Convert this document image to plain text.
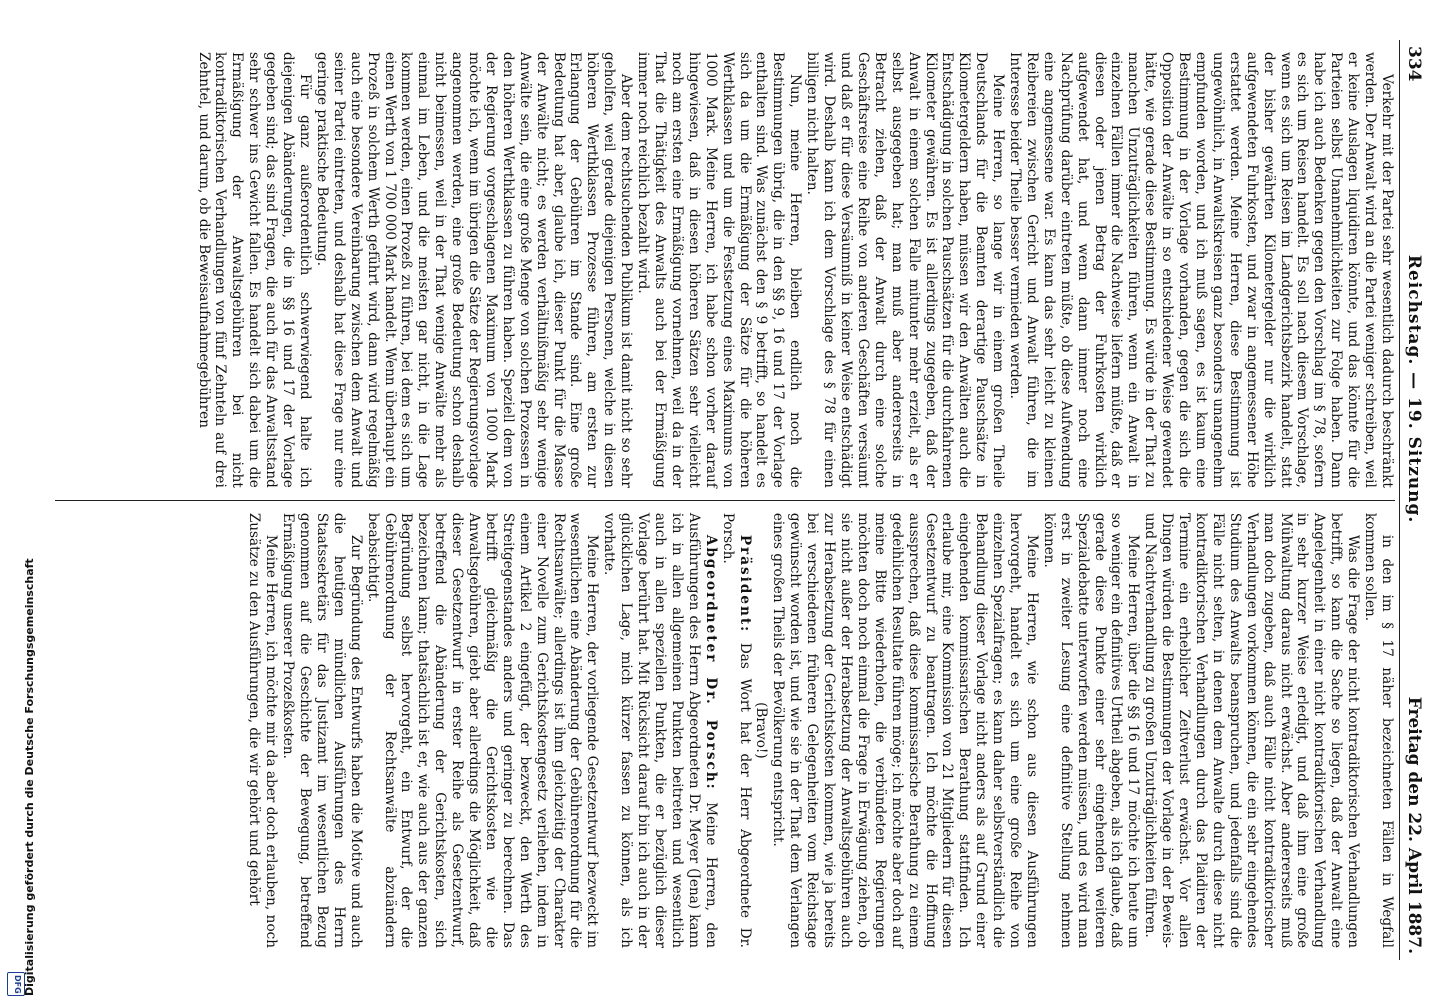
334
Reichstag. — 19. Sitzung.
Freitag den 22. April 1887.

Verkehr mit der Partei sehr wesentlich dadurch beschränkt werden. Der Anwalt wird an die Partei weniger schreiben, weil er keine Auslagen liquidiren könnte, und das könnte für die Parteien selbst Unannehmlichkeiten zur Folge haben. Dann habe ich auch Bedenken gegen den Vorschlag im § 78, sofern es sich um Reisen handelt. Es soll nach diesem Vorschlage, wenn es sich um Reisen im Landgerichtsbezirk handelt, statt der bisher gewährten Kilometergelder nur die wirklich aufgewendeten Fuhrkosten, und zwar in angemessener Höhe erstattet werden. Meine Herren, diese Bestimmung ist ungewöhnlich, in Anwaltskreisen ganz besonders unangenehm empfunden worden, und ich muß sagen, es ist kaum eine Bestimmung in der Vorlage vorhanden, gegen die sich die Opposition der Anwälte in so entschiedener Weise gewendet hätte, wie gerade diese Bestimmung. Es würde in der That zu manchen Unzuträglichkeiten führen, wenn ein Anwalt in einzelnen Fällen immer die Nachweise liefern müßte, daß er diesen oder jenen Betrag der Fuhrkosten wirklich aufgewendet hat, und wenn dann immer noch eine Nachprüfung darüber eintreten müßte, ob diese Aufwendung eine angemessene war. Es kann das sehr leicht zu kleinen Reibereien zwischen Gericht und Anwalt führen, die im Interesse beider Theile besser vermieden werden.

Meine Herren, so lange wir in einem großen Theile Deutschlands für die Beamten derartige Pauschsätze in Kilometergeldern haben, müssen wir den Anwälten auch die Entschädigung in solchen Pauschsätzen für die durchfahrenen Kilometer gewähren. Es ist allerdings zugegeben, daß der Anwalt in einem solchen Falle mitunter mehr erzielt, als er selbst ausgegeben hat; man muß aber andererseits in Betracht ziehen, daß der Anwalt durch eine solche Geschäftsreise eine Reihe von anderen Geschäften versäumt und daß er für diese Versäumniß in keiner Weise entschädigt wird. Deshalb kann ich dem Vorschlage des § 78 für einen billigen nicht halten.

Nun, meine Herren, bleiben endlich noch die Bestimmungen übrig, die in den §§ 9, 16 und 17 der Vorlage enthalten sind. Was zunächst den § 9 betrifft, so handelt es sich da um die Ermäßigung der Sätze für die höheren Werthklassen und um die Festsetzung eines Maximums von 1000 Mark. Meine Herren, ich habe schon vorher darauf hingewiesen, daß in diesen höheren Sätzen sehr vielleicht noch am ersten eine Ermäßigung vornehmen, weil da in der That die Thätigkeit des Anwalts auch bei der Ermäßigung immer noch reichlich bezahlt wird.

Aber dem rechtsuchenden Publikum ist damit nicht so sehr geholfen, weil gerade diejenigen Personen, welche in diesen höheren Werthklassen Prozesse führen, am ersten zur Erlangung der Gebühren im Stande sind. Eine große Bedeutung hat aber, glaube ich, dieser Punkt für die Masse der Anwälte nicht; es werden verhältnißmäßig sehr wenige Anwälte sein, die eine große Menge von solchen Prozessen in den höheren Werthklassen zu führen haben. Speziell dem von der Regierung vorgeschlagenen Maximum von 1000 Mark möchte ich, wenn im übrigen die Sätze der Regierungsvorlage angenommen werden, eine große Bedeutung schon deshalb nicht beimessen, weil in der That wenige Anwälte mehr als einmal im Leben, und die meisten gar nicht, in die Lage kommen werden, einen Prozeß zu führen, bei dem es sich um einen Werth von 1 700 000 Mark handelt. Wenn überhaupt ein Prozeß in solchem Werth geführt wird, dann wird regelmäßig auch eine besondere Vereinbarung zwischen dem Anwalt und seiner Partei eintreten, und deshalb hat diese Frage nur eine geringe praktische Bedeutung.

Für ganz außerordentlich schwerwiegend halte ich diejenigen Abänderungen, die in §§ 16 und 17 der Vorlage gegeben sind; das sind Fragen, die auch für das Anwaltsstand sehr schwer ins Gewicht fallen. Es handelt sich dabei um die Ermäßigung der Anwaltsgebühren bei nicht kontradiktorischen Verhandlungen von fünf Zehnteln auf drei Zehntel, und darum, ob die Beweisaufnahmegebühren

in den im § 17 näher bezeichneten Fällen in Wegfall kommen sollen.

Was die Frage der nicht kontradiktorischen Verhandlungen betrifft, so kann die Sache so liegen, daß der Anwalt eine Angelegenheit in einer nicht kontradiktorischen Verhandlung in sehr kurzer Weise erledigt, und daß ihm eine große Mühwaltung daraus nicht erwächst. Aber andererseits muß man doch zugeben, daß auch Fälle nicht kontradiktorischer Verhandlungen vorkommen können, die ein sehr eingehendes Studium des Anwalts beanspruchen, und jedenfalls sind die Fälle nicht selten, in denen dem Anwalte durch diese nicht kontradiktorischen Verhandlungen durch das Plaidiren der Termine ein erheblicher Zeitverlust erwächst. Vor allen Dingen würden die Bestimmungen der Vorlage in der Beweis- und Nachtverhandlung zu großen Unzuträglichkeiten führen.

Meine Herren, über die §§ 16 und 17 möchte ich heute um so weniger ein definitives Urtheil abgeben, als ich glaube, daß gerade diese Punkte einer sehr eingehenden weiteren Spezialdebatte unterworfen werden müssen, und es wird man erst in zweiter Lesung eine definitive Stellung nehmen können.

Meine Herren, wie schon aus diesen Ausführungen hervorgeht, handelt es sich um eine große Reihe von einzelnen Spezialfragen; es kann daher selbstverständlich die Behandlung dieser Vorlage nicht anders als auf Grund einer eingehenden kommissarischen Berathung stattfinden. Ich erlaube mir, eine Kommission von 21 Mitgliedern für diesen Gesetzentwurf zu beantragen. Ich möchte die Hoffnung aussprechen, daß diese kommissarische Berathung zu einem gedeihlichen Resultate führen möge; ich möchte aber doch auf meine Bitte wiederholen, die verbündeten Regierungen möchten doch noch einmal die Frage in Erwägung ziehen, ob sie nicht außer der Herabsetzung der Anwaltsgebühren auch zur Herabsetzung der Gerichtskosten kommen, wie ja bereits bei verschiedenen früheren Gelegenheiten vom Reichstage gewünscht worden ist, und wie sie in der That dem Verlangen eines großen Theils der Bevölkerung entspricht.

(Bravo!)

Präsident: Das Wort hat der Herr Abgeordnete Dr. Porsch.

Abgeordneter Dr. Porsch: Meine Herren, den Ausführungen des Herrn Abgeordneten Dr. Meyer (Jena) kann ich in allen allgemeinen Punkten beitreten und wesentlich auch in allen speziellen Punkten, die er bezüglich dieser Vorlage berührt hat. Mit Rücksicht darauf bin ich auch in der glücklichen Lage, mich kürzer fassen zu können, als ich vorhatte.

Meine Herren, der vorliegende Gesetzentwurf bezweckt im wesentlichen eine Abänderung der Gebührenordnung für die Rechtsanwälte; allerdings ist ihm gleichzeitig der Charakter einer Novelle zum Gerichtskostengesetz verliehen, indem in einem Artikel 2 eingefügt, der bezweckt, den Werth des Streitgegenstandes anders und geringer zu berechnen. Das betrifft gleichmäßig die Gerichtskosten wie die Anwaltsgebühren, giebt aber allerdings die Möglichkeit, daß dieser Gesetzentwurf in erster Reihe als Gesetzentwurf, betreffend die Abänderung der Gerichtskosten, sich bezeichnen kann; thatsächlich ist er, wie auch aus der ganzen Begründung selbst hervorgeht, ein Entwurf, der die Gebührenordnung der Rechtsanwälte abzuändern beabsichtigt.

Zur Begründung des Entwurfs haben die Motive und auch die heutigen mündlichen Ausführungen des Herrn Staatssekretärs für das Justizamt im wesentlichen Bezug genommen auf die Geschichte der Bewegung, betreffend Ermäßigung unserer Prozeßkosten.

Meine Herren, ich möchte mir da aber doch erlauben, noch Zusätze zu den Ausführungen, die wir gehört und gehört

Digitalisierung gefördert durch die Deutsche Forschungsgemeinschaft
DFG
